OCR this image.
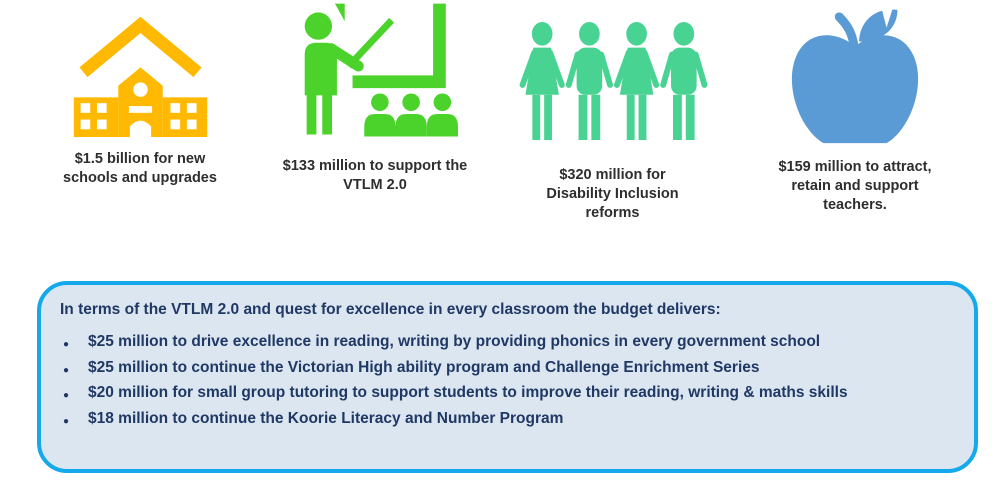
$1.5 billion for new schools and upgrades

$133 million to support the VTLM 2.0

$320 million for Disability Inclusion reforms

$159 million to attract, retain and support teachers.

In terms of the VTLM 2.0 and quest for excellence in every classroom the budget delivers:

● $25 million to drive excellence in reading, writing by providing phonics in every government school
● $25 million to continue the Victorian High ability program and Challenge Enrichment Series
● $20 million for small group tutoring to support students to improve their reading, writing & maths skills
● $18 million to continue the Koorie Literacy and Number Program
